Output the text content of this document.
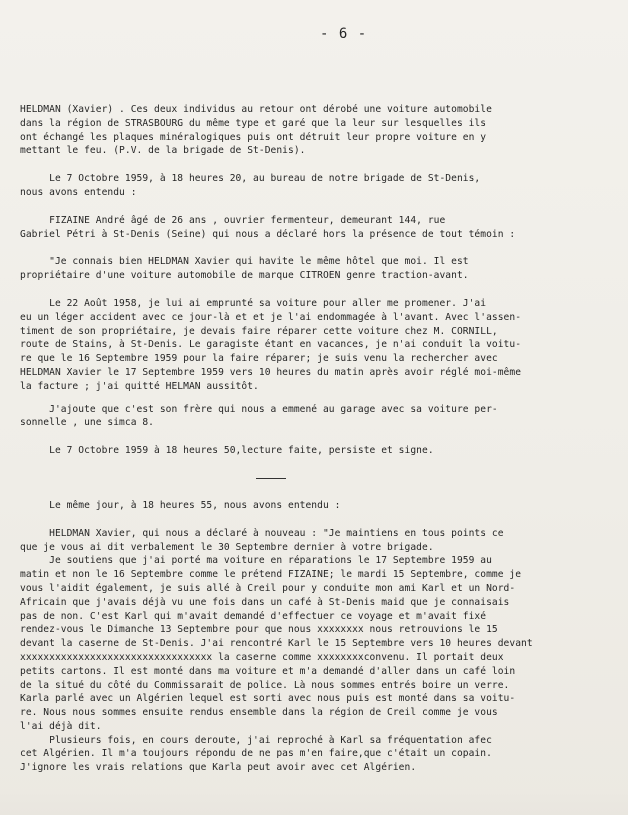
- 6 -
HELDMAN (Xavier) . Ces deux individus au retour ont dérobé une voiture automobile
dans la région de STRASBOURG du même type et garé que la leur sur lesquelles ils
ont échangé les plaques minéralogiques puis ont détruit leur propre voiture en y
mettant le feu. (P.V. de la brigade de St-Denis).
Le 7 Octobre 1959, à 18 heures 20, au bureau de notre brigade de St-Denis,
nous avons entendu :
FIZAINE André âgé de 26 ans , ouvrier fermenteur, demeurant 144, rue
Gabriel Pétri à St-Denis (Seine) qui nous a déclaré hors la présence de tout témoin :
"Je connais bien HELDMAN Xavier qui havite le même hôtel que moi. Il est
propriétaire d'une voiture automobile de marque CITROEN genre traction-avant.
Le 22 Août 1958, je lui ai emprunté sa voiture pour aller me promener. J'ai
eu un léger accident avec ce jour-là et et je l'ai endommagée à l'avant. Avec l'assen-
timent de son propriétaire, je devais faire réparer cette voiture chez M. CORNILL,
route de Stains, à St-Denis. Le garagiste étant en vacances, je n'ai conduit la voitu-
re que le 16 Septembre 1959 pour la faire réparer; je suis venu la rechercher avec
HELDMAN Xavier le 17 Septembre 1959 vers 10 heures du matin après avoir réglé moi-même
la facture ; j'ai quitté HELMAN aussitôt.
J'ajoute que c'est son frère qui nous a emmené au garage avec sa voiture per-
sonnelle , une simca 8.
Le 7 Octobre 1959 à 18 heures 50,lecture faite, persiste et signe.
Le même jour, à 18 heures 55, nous avons entendu :
HELDMAN Xavier, qui nous a déclaré à nouveau : "Je maintiens en tous points ce
que je vous ai dit verbalement le 30 Septembre dernier à votre brigade.
Je soutiens que j'ai porté ma voiture en réparations le 17 Septembre 1959 au
matin et non le 16 Septembre comme le prétend FIZAINE; le mardi 15 Septembre, comme je
vous l'aidit également, je suis allé à Creil pour y conduite mon ami Karl et un Nord-
Africain que j'avais déjà vu une fois dans un café à St-Denis maid que je connaisais
pas de non. C'est Karl qui m'avait demandé d'effectuer ce voyage et m'avait fixé
rendez-vous le Dimanche 13 Septembre pour que nous xxxxxxxx nous retrouvions le 15
devant la caserne de St-Denis. J'ai rencontré Karl le 15 Septembre vers 10 heures devant
xxxxxxxxxxxxxxxxxxxxxxxxxxxxxxxxx la caserne comme xxxxxxxxconvenu. Il portait deux
petits cartons. Il est monté dans ma voiture et m'a demandé d'aller dans un café loin
de la situé du côté du Commissarait de police. Là nous sommes entrés boire un verre.
Karla parlé avec un Algérien lequel est sorti avec nous puis est monté dans sa voitu-
re. Nous nous sommes ensuite rendus ensemble dans la région de Creil comme je vous
l'ai déjà dit.
Plusieurs fois, en cours deroute, j'ai reproché à Karl sa fréquentation afec
cet Algérien. Il m'a toujours répondu de ne pas m'en faire,que c'était un copain.
J'ignore les vrais relations que Karla peut avoir avec cet Algérien.
